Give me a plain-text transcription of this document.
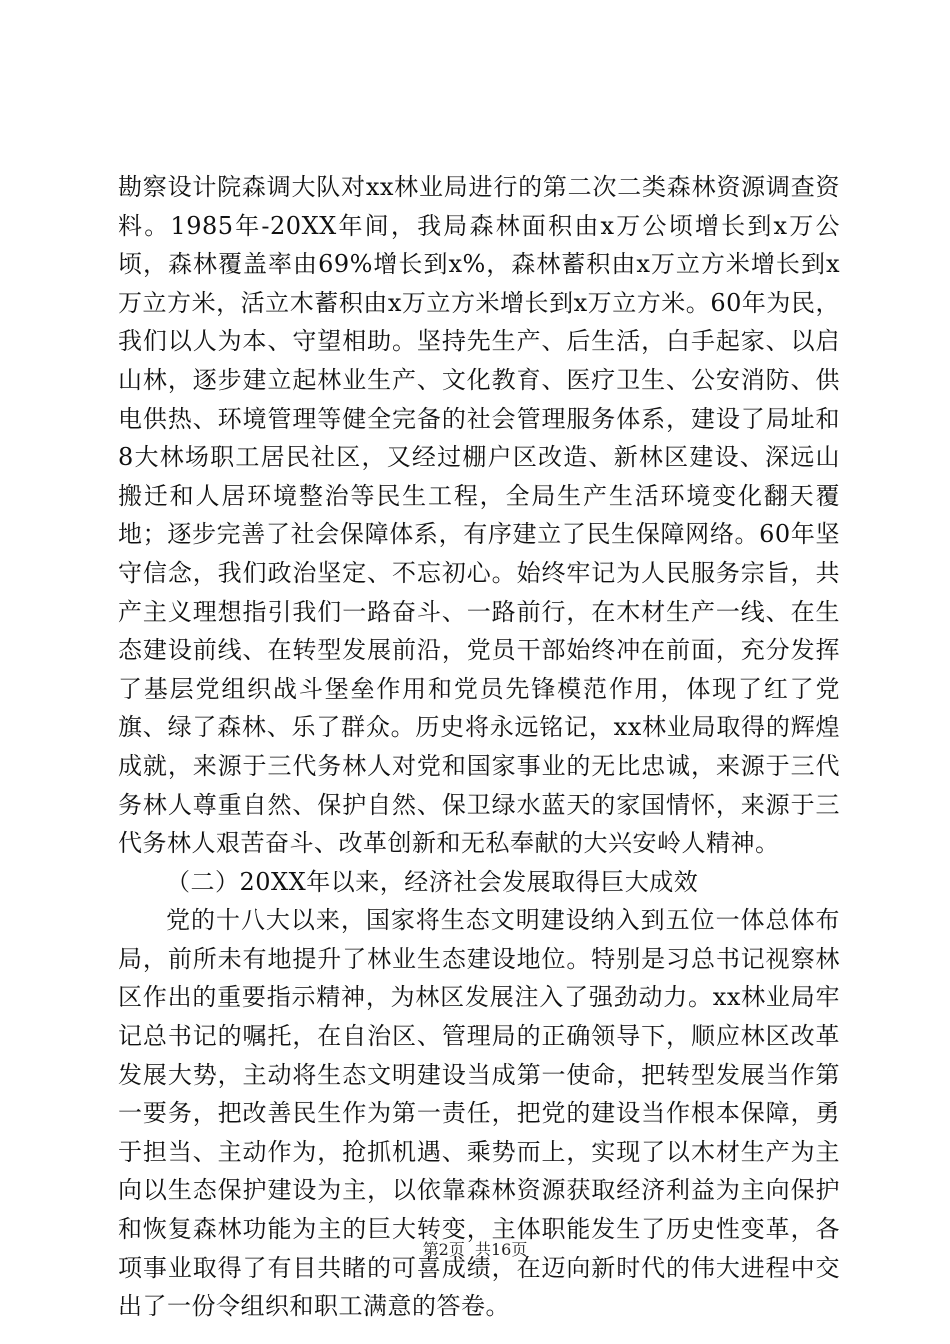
勘察设计院森调大队对xx林业局进行的第二次二类森林资源调查资料。1985年-20XX年间，我局森林面积由x万公顷增长到x万公顷，森林覆盖率由69%增长到x%，森林蓄积由x万立方米增长到x万立方米，活立木蓄积由x万立方米增长到x万立方米。60年为民，我们以人为本、守望相助。坚持先生产、后生活，白手起家、以启山林，逐步建立起林业生产、文化教育、医疗卫生、公安消防、供电供热、环境管理等健全完备的社会管理服务体系，建设了局址和8大林场职工居民社区，又经过棚户区改造、新林区建设、深远山搬迁和人居环境整治等民生工程，全局生产生活环境变化翻天覆地；逐步完善了社会保障体系，有序建立了民生保障网络。60年坚守信念，我们政治坚定、不忘初心。始终牢记为人民服务宗旨，共产主义理想指引我们一路奋斗、一路前行，在木材生产一线、在生态建设前线、在转型发展前沿，党员干部始终冲在前面，充分发挥了基层党组织战斗堡垒作用和党员先锋模范作用，体现了红了党旗、绿了森林、乐了群众。历史将永远铭记，xx林业局取得的辉煌成就，来源于三代务林人对党和国家事业的无比忠诚，来源于三代务林人尊重自然、保护自然、保卫绿水蓝天的家国情怀，来源于三代务林人艰苦奋斗、改革创新和无私奉献的大兴安岭人精神。

（二）20XX年以来，经济社会发展取得巨大成效

党的十八大以来，国家将生态文明建设纳入到五位一体总体布局，前所未有地提升了林业生态建设地位。特别是习总书记视察林区作出的重要指示精神，为林区发展注入了强劲动力。xx林业局牢记总书记的嘱托，在自治区、管理局的正确领导下，顺应林区改革发展大势，主动将生态文明建设当成第一使命，把转型发展当作第一要务，把改善民生作为第一责任，把党的建设当作根本保障，勇于担当、主动作为，抢抓机遇、乘势而上，实现了以木材生产为主向以生态保护建设为主，以依靠森林资源获取经济利益为主向保护和恢复森林功能为主的巨大转变，主体职能发生了历史性变革，各项事业取得了有目共睹的可喜成绩，在迈向新时代的伟大进程中交出了一份令组织和职工满意的答卷。

第2页  共16页
